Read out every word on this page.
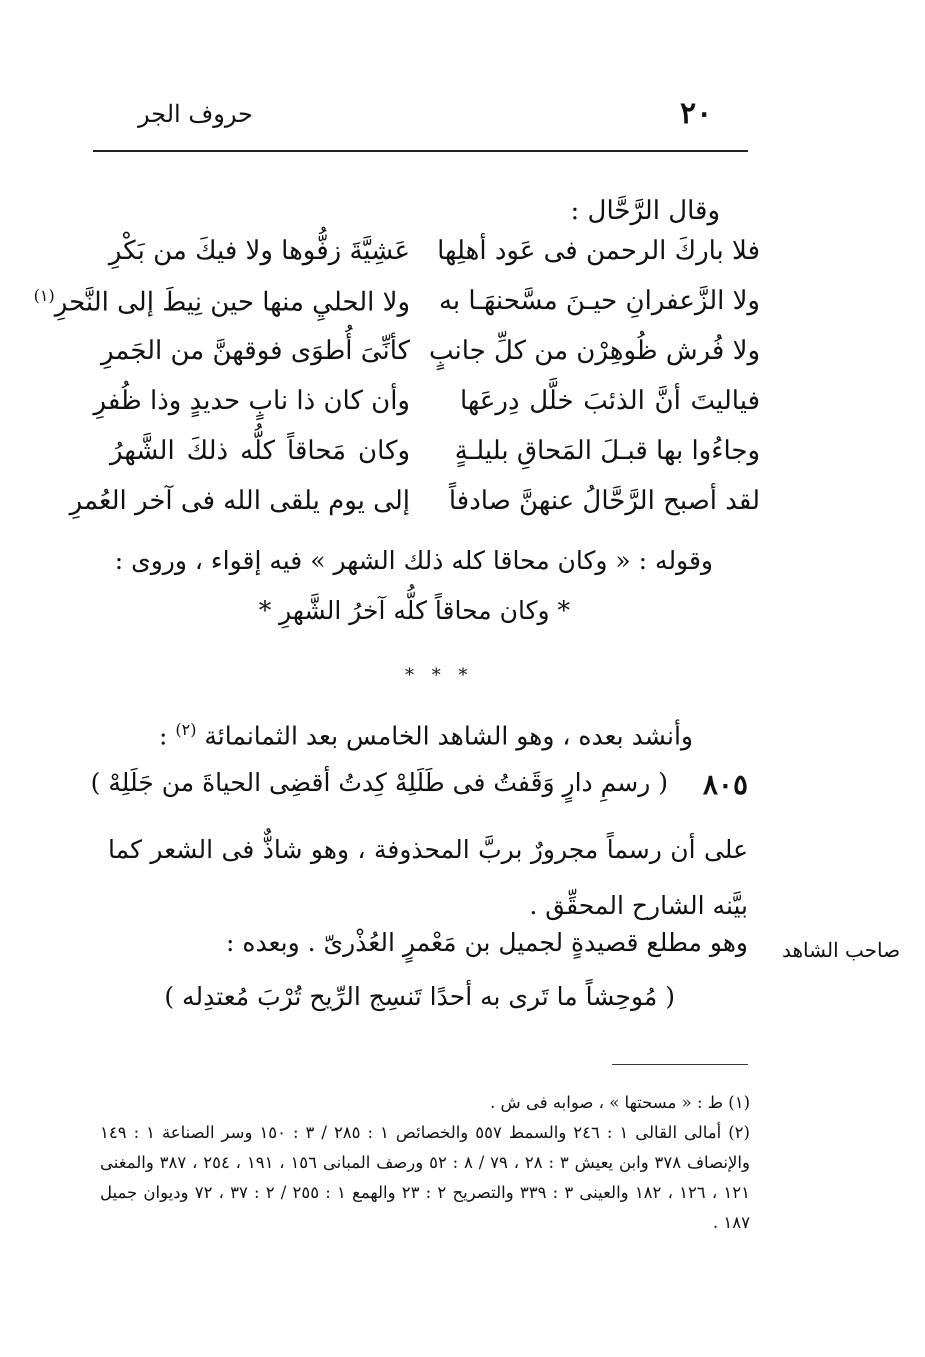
٢٠
حروف الجر
وقال الرَّحَّال :
فلا باركَ الرحمن فى عَود أهلِها
عَشِيَّةَ زفُّوها ولا فيكَ من بَكْرِ
ولا الزَّعفرانِ حيـنَ مسَّحنهَـا به
ولا الحليِ منها حين نِيطَ إلى النَّحرِ$^{(١)}$
ولا فُرش ظُوهِرْن من كلِّ جانبٍ
كأنِّىَ أُطوَى فوقهنَّ من الجَمرِ
فياليتَ أنَّ الذئبَ خلَّل دِرعَها
وأن كان ذا نابٍ حديدٍ وذا ظُفرِ
وجاءُوا بها قبـلَ المَحاقِ بليلـةٍ
وكان مَحاقاً كلُّه ذلكَ الشَّهرُ
لقد أصبح الرَّحَّالُ عنهنَّ صادفاً
إلى يوم يلقى الله فى آخر العُمرِ
وقوله : « وكان محاقا كله ذلك الشهر » فيه إقواء ، وروى :
* وكان محاقاً كلُّه آخرُ الشَّهرِ *
* * *
وأنشد بعده ، وهو الشاهد الخامس بعد الثمانمائة $^{(٢)}$ :
٨٠٥
( رسمِ دارٍ وَقَفتُ فى طَلَلِهْ كِدتُ أقضِى الحياةَ من جَلَلِهْ )
على أن رسماً مجرورٌ بربَّ المحذوفة ، وهو شاذٌّ فى الشعر كما بيَّنه الشارح المحقِّق .
صاحب الشاهد
وهو مطلع قصيدةٍ لجميل بن مَعْمرٍ العُذْرىّ . وبعده :
( مُوحِشاً ما تَرى به أحدًا تَنسِج الرِّيح تُرْبَ مُعتدِله )
(١) ط : « مسحتها » ، صوابه فى ش .
(٢) أمالى القالى ١ : ٢٤٦ والسمط ٥٥٧ والخصائص ١ : ٢٨٥ / ٣ : ١٥٠ وسر الصناعة ١ : ١٤٩ والإنصاف ٣٧٨ وابن يعيش ٣ : ٢٨ ، ٧٩ / ٨ : ٥٢ ورصف المبانى ١٥٦ ، ١٩١ ، ٢٥٤ ، ٣٨٧ والمغنى ١٢١ ، ١٢٦ ، ١٨٢ والعينى ٣ : ٣٣٩ والتصريح ٢ : ٢٣ والهمع ١ : ٢٥٥ / ٢ : ٣٧ ، ٧٢ وديوان جميل ١٨٧ .
